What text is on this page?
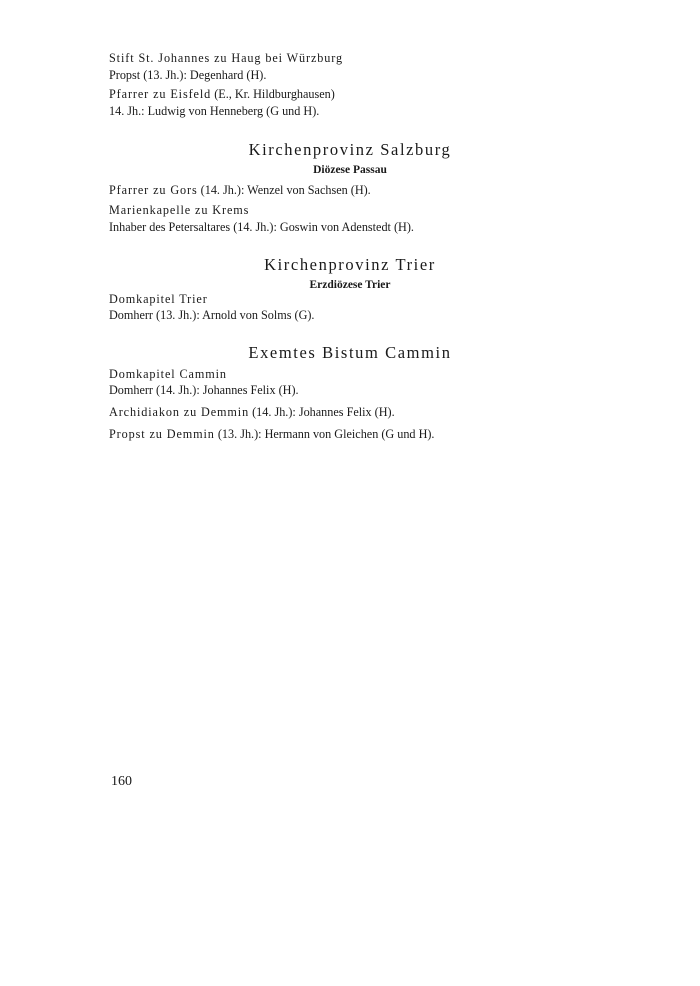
Stift St. Johannes zu Haug bei Würzburg
Propst (13. Jh.): Degenhard (H).
Pfarrer zu Eisfeld (E., Kr. Hildburghausen)
14. Jh.: Ludwig von Henneberg (G und H).
Kirchenprovinz Salzburg
Diözese Passau
Pfarrer zu Gors (14. Jh.): Wenzel von Sachsen (H).
Marienkapelle zu Krems
Inhaber des Petersaltares (14. Jh.): Goswin von Adenstedt (H).
Kirchenprovinz Trier
Erzdiözese Trier
Domkapitel Trier
Domherr (13. Jh.): Arnold von Solms (G).
Exemtes Bistum Cammin
Domkapitel Cammin
Domherr (14. Jh.): Johannes Felix (H).
Archidiakon zu Demmin (14. Jh.): Johannes Felix (H).
Propst zu Demmin (13. Jh.): Hermann von Gleichen (G und H).
160
